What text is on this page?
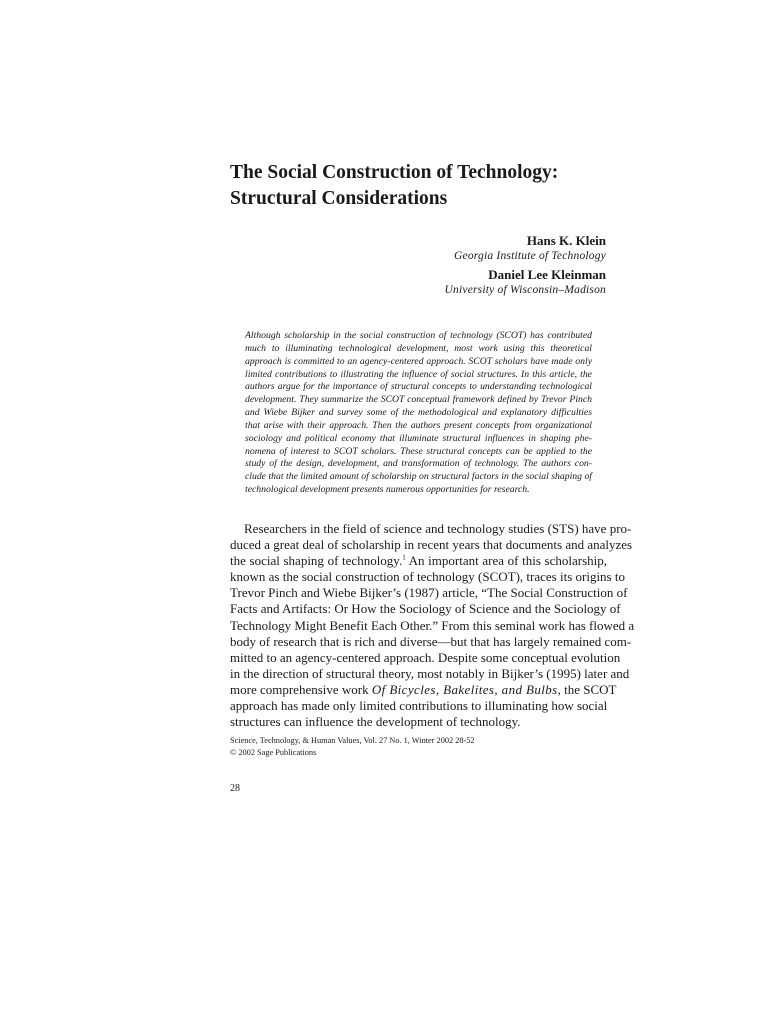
The Social Construction of Technology:
Structural Considerations
Hans K. Klein
Georgia Institute of Technology
Daniel Lee Kleinman
University of Wisconsin–Madison

Although scholarship in the social construction of technology (SCOT) has contributed
much to illuminating technological development, most work using this theoretical
approach is committed to an agency-centered approach. SCOT scholars have made only
limited contributions to illustrating the influence of social structures. In this article, the
authors argue for the importance of structural concepts to understanding technological
development. They summarize the SCOT conceptual framework defined by Trevor Pinch
and Wiebe Bijker and survey some of the methodological and explanatory difficulties
that arise with their approach. Then the authors present concepts from organizational
sociology and political economy that illuminate structural influences in shaping phe-
nomena of interest to SCOT scholars. These structural concepts can be applied to the
study of the design, development, and transformation of technology. The authors con-
clude that the limited amount of scholarship on structural factors in the social shaping of
technological development presents numerous opportunities for research.

Researchers in the field of science and technology studies (STS) have pro-
duced a great deal of scholarship in recent years that documents and analyzes
the social shaping of technology.$^1$ An important area of this scholarship,
known as the social construction of technology (SCOT), traces its origins to
Trevor Pinch and Wiebe Bijker’s (1987) article, “The Social Construction of
Facts and Artifacts: Or How the Sociology of Science and the Sociology of
Technology Might Benefit Each Other.” From this seminal work has flowed a
body of research that is rich and diverse—but that has largely remained com-
mitted to an agency-centered approach. Despite some conceptual evolution
in the direction of structural theory, most notably in Bijker’s (1995) later and
more comprehensive work Of Bicycles, Bakelites, and Bulbs, the SCOT
approach has made only limited contributions to illuminating how social
structures can influence the development of technology.

Science, Technology, & Human Values, Vol. 27 No. 1, Winter 2002 28-52
© 2002 Sage Publications
28
